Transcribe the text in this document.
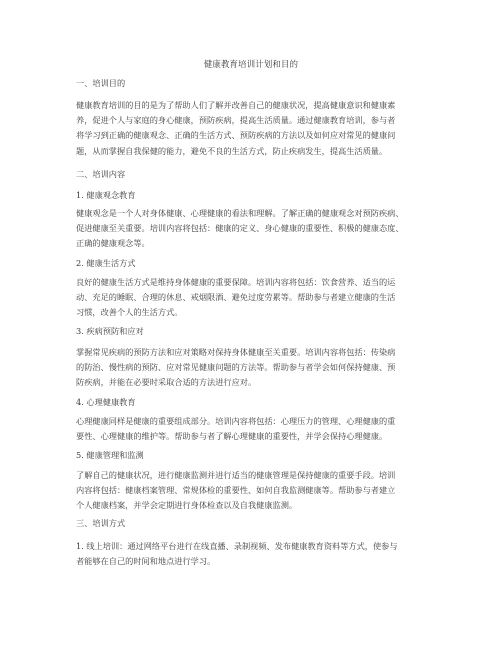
健康教育培训计划和目的
一、培训目的
健康教育培训的目的是为了帮助人们了解并改善自己的健康状况，提高健康意识和健康素
养，促进个人与家庭的身心健康，预防疾病，提高生活质量。通过健康教育培训，参与者
将学习到正确的健康观念、正确的生活方式、预防疾病的方法以及如何应对常见的健康问
题，从而掌握自我保健的能力，避免不良的生活方式，防止疾病发生，提高生活质量。
二、培训内容
1. 健康观念教育
健康观念是一个人对身体健康、心理健康的看法和理解。了解正确的健康观念对预防疾病、
促进健康至关重要。培训内容将包括：健康的定义、身心健康的重要性、积极的健康态度、
正确的健康观念等。
2. 健康生活方式
良好的健康生活方式是维持身体健康的重要保障。培训内容将包括：饮食营养、适当的运
动、充足的睡眠、合理的休息、戒烟限酒、避免过度劳累等。帮助参与者建立健康的生活
习惯，改善个人的生活方式。
3. 疾病预防和应对
掌握常见疾病的预防方法和应对策略对保持身体健康至关重要。培训内容将包括：传染病
的防治、慢性病的预防、应对常见健康问题的方法等。帮助参与者学会如何保持健康、预
防疾病，并能在必要时采取合适的方法进行应对。
4. 心理健康教育
心理健康同样是健康的重要组成部分。培训内容将包括：心理压力的管理、心理健康的重
要性、心理健康的维护等。帮助参与者了解心理健康的重要性，并学会保持心理健康。
5. 健康管理和监测
了解自己的健康状况，进行健康监测并进行适当的健康管理是保持健康的重要手段。培训
内容将包括：健康档案管理、常规体检的重要性、如何自我监测健康等。帮助参与者建立
个人健康档案，并学会定期进行身体检查以及自我健康监测。
三、培训方式
1. 线上培训：通过网络平台进行在线直播、录制视频、发布健康教育资料等方式，使参与
者能够在自己的时间和地点进行学习。
